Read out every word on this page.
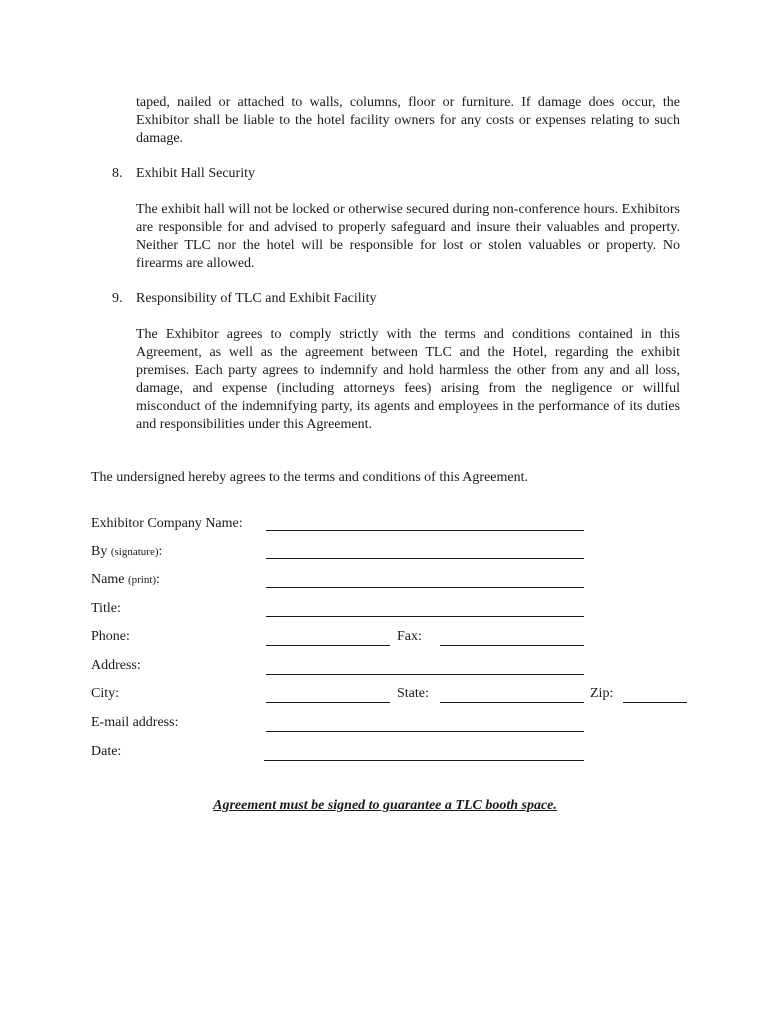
taped, nailed or attached to walls, columns, floor or furniture. If damage does occur, the Exhibitor shall be liable to the hotel facility owners for any costs or expenses relating to such damage.

8. Exhibit Hall Security

The exhibit hall will not be locked or otherwise secured during non-conference hours. Exhibitors are responsible for and advised to properly safeguard and insure their valuables and property. Neither TLC nor the hotel will be responsible for lost or stolen valuables or property. No firearms are allowed.

9. Responsibility of TLC and Exhibit Facility

The Exhibitor agrees to comply strictly with the terms and conditions contained in this Agreement, as well as the agreement between TLC and the Hotel, regarding the exhibit premises. Each party agrees to indemnify and hold harmless the other from any and all loss, damage, and expense (including attorneys fees) arising from the negligence or willful misconduct of the indemnifying party, its agents and employees in the performance of its duties and responsibilities under this Agreement.

The undersigned hereby agrees to the terms and conditions of this Agreement.
Exhibitor Company Name:
By (signature):
Name (print):
Title:
Phone:	Fax:
Address:
City:	State:	Zip:
E-mail address:
Date:
Agreement must be signed to guarantee a TLC booth space.
